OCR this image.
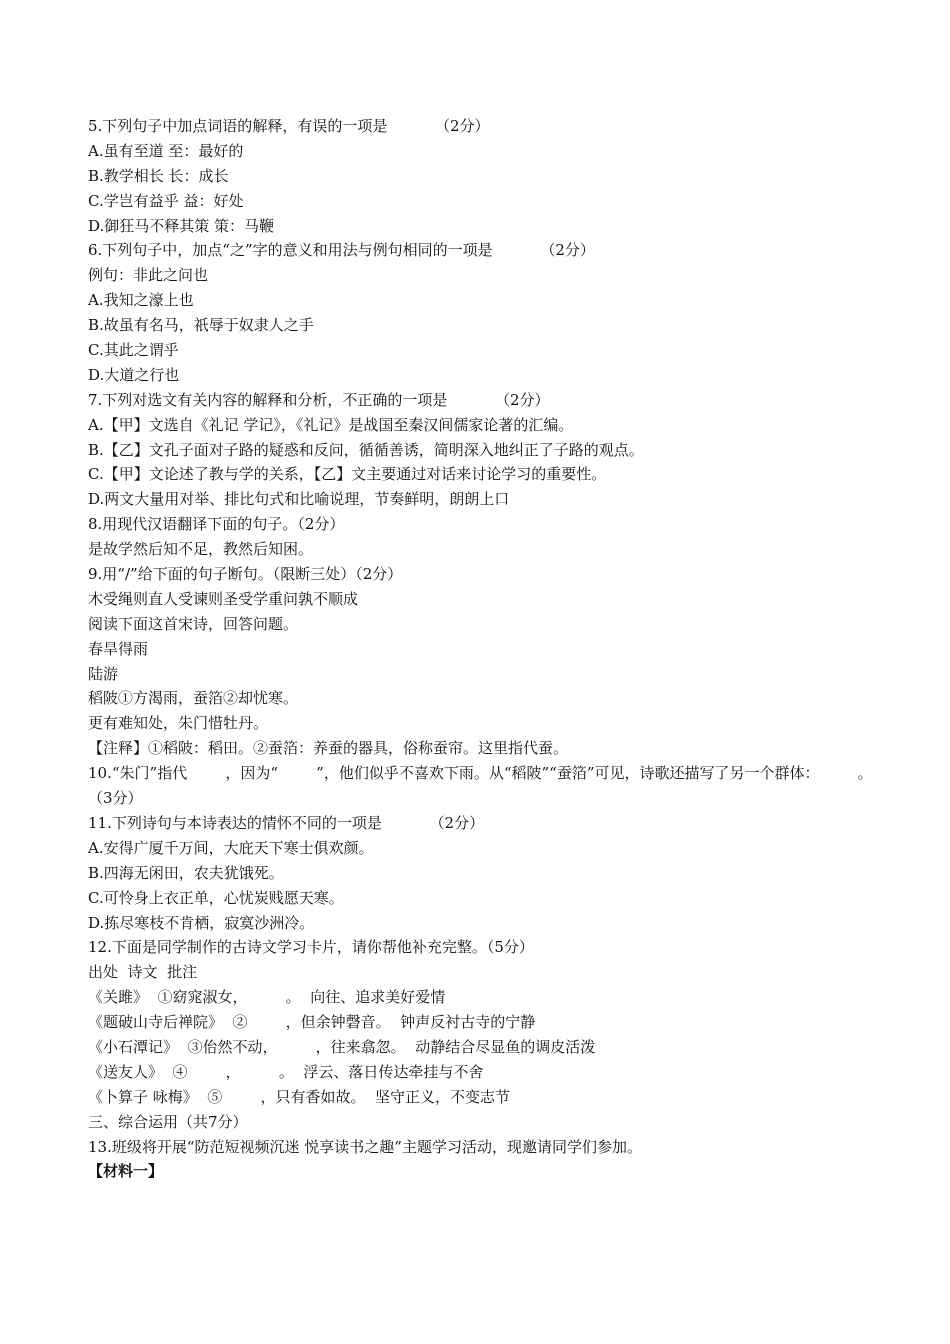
5.下列句子中加点词语的解释，有误的一项是          （2分）
A.虽有至道 至：最好的
B.教学相长 长：成长
C.学岂有益乎 益：好处
D.御狂马不释其策 策：马鞭
6.下列句子中，加点“之”字的意义和用法与例句相同的一项是          （2分）
例句：非此之问也
A.我知之濠上也
B.故虽有名马，祇辱于奴隶人之手
C.其此之谓乎
D.大道之行也
7.下列对选文有关内容的解释和分析，不正确的一项是          （2分）
A.【甲】文选自《礼记 学记》，《礼记》是战国至秦汉间儒家论著的汇编。
B.【乙】文孔子面对子路的疑惑和反问，循循善诱，简明深入地纠正了子路的观点。
C.【甲】文论述了教与学的关系，【乙】文主要通过对话来讨论学习的重要性。
D.两文大量用对举、排比句式和比喻说理，节奏鲜明，朗朗上口
8.用现代汉语翻译下面的句子。（2分）
是故学然后知不足，教然后知困。
9.用“/”给下面的句子断句。（限断三处）（2分）
木受绳则直人受谏则圣受学重问孰不顺成
阅读下面这首宋诗，回答问题。
春旱得雨
陆游
稻陂①方渴雨，蚕箔②却忧寒。
更有难知处，朱门惜牡丹。
【注释】①稻陂：稻田。②蚕箔：养蚕的器具，俗称蚕帘。这里指代蚕。
10.“朱门”指代        ，因为“        ”，他们似乎不喜欢下雨。从“稻陂”“蚕箔”可见，诗歌还描写了另一个群体：        。（3分）
11.下列诗句与本诗表达的情怀不同的一项是          （2分）
A.安得广厦千万间，大庇天下寒士俱欢颜。
B.四海无闲田，农夫犹饿死。
C.可怜身上衣正单，心忧炭贱愿天寒。
D.拣尽寒枝不肯栖，寂寞沙洲冷。
12.下面是同学制作的古诗文学习卡片，请你帮他补充完整。（5分）
出处  诗文  批注
《关雎》  ①窈窕淑女，        。  向往、追求美好爱情
《题破山寺后禅院》  ②        ，但余钟磬音。  钟声反衬古寺的宁静
《小石潭记》  ③佁然不动，        ，往来翕忽。  动静结合尽显鱼的调皮活泼
《送友人》  ④        ，        。  浮云、落日传达牵挂与不舍
《卜算子 咏梅》  ⑤        ，只有香如故。  坚守正义，不变志节
三、综合运用（共7分）
13.班级将开展“防范短视频沉迷 悦享读书之趣”主题学习活动，现邀请同学们参加。
【材料一】
